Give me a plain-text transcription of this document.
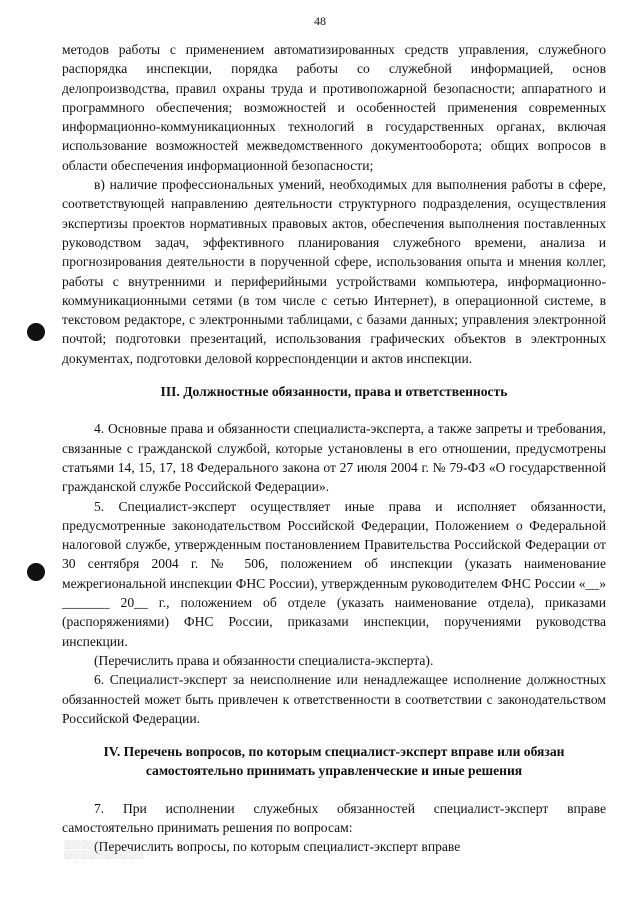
48

методов работы с применением автоматизированных средств управления, служебного распорядка инспекции, порядка работы со служебной информацией, основ делопроизводства, правил охраны труда и противопожарной безопасности; аппаратного и программного обеспечения; возможностей и особенностей применения современных информационно-коммуникационных технологий в государственных органах, включая использование возможностей межведомственного документооборота; общих вопросов в области обеспечения информационной безопасности;

в) наличие профессиональных умений, необходимых для выполнения работы в сфере, соответствующей направлению деятельности структурного подразделения, осуществления экспертизы проектов нормативных правовых актов, обеспечения выполнения поставленных руководством задач, эффективного планирования служебного времени, анализа и прогнозирования деятельности в порученной сфере, использования опыта и мнения коллег, работы с внутренними и периферийными устройствами компьютера, информационно-коммуникационными сетями (в том числе с сетью Интернет), в операционной системе, в текстовом редакторе, с электронными таблицами, с базами данных; управления электронной почтой; подготовки презентаций, использования графических объектов в электронных документах, подготовки деловой корреспонденции и актов инспекции.

III. Должностные обязанности, права и ответственность

4. Основные права и обязанности специалиста-эксперта, а также запреты и требования, связанные с гражданской службой, которые установлены в его отношении, предусмотрены статьями 14, 15, 17, 18 Федерального закона от 27 июля 2004 г. № 79-ФЗ «О государственной гражданской службе Российской Федерации».

5. Специалист-эксперт осуществляет иные права и исполняет обязанности, предусмотренные законодательством Российской Федерации, Положением о Федеральной налоговой службе, утвержденным постановлением Правительства Российской Федерации от 30 сентября 2004 г. № 506, положением об инспекции (указать наименование межрегиональной инспекции ФНС России), утвержденным руководителем ФНС России «__» _______ 20__ г., положением об отделе (указать наименование отдела), приказами (распоряжениями) ФНС России, приказами инспекции, поручениями руководства инспекции.

(Перечислить права и обязанности специалиста-эксперта).

6. Специалист-эксперт за неисполнение или ненадлежащее исполнение должностных обязанностей может быть привлечен к ответственности в соответствии с законодательством Российской Федерации.

IV. Перечень вопросов, по которым специалист-эксперт вправе или обязан самостоятельно принимать управленческие и иные решения

7. При исполнении служебных обязанностей специалист-эксперт вправе самостоятельно принимать решения по вопросам:

(Перечислить вопросы, по которым специалист-эксперт вправе

░░░░░░░░░░
░░░░░░░░░░░░░░░░░░░
